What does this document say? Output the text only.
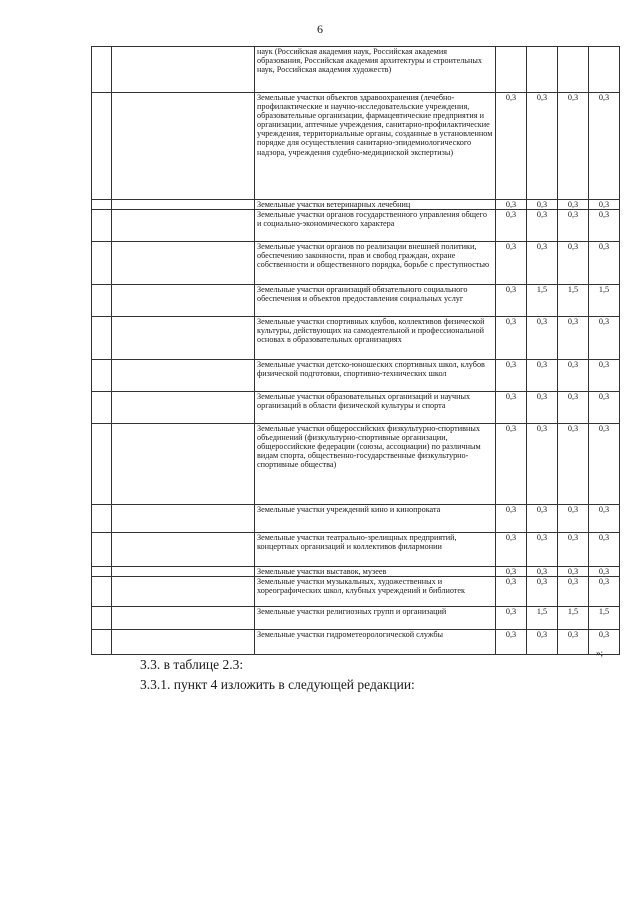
6
		наук (Российская академия наук, Российская академия образования, Российская академия архитектуры и строительных наук, Российская академия художеств)				
		Земельные участки объектов здравоохранения (лечебно-профилактические и научно-исследовательские учреждения, образовательные организации, фармацевтические предприятия и организации, аптечные учреждения, санитарно-профилактические учреждения, территориальные органы, созданные в установленном порядке для осуществления санитарно-эпидемиологического надзора, учреждения судебно-медицинской экспертизы)	0,3	0,3	0,3	0,3
		Земельные участки ветеринарных лечебниц	0,3	0,3	0,3	0,3
		Земельные участки органов государственного управления общего и социально-экономического характера	0,3	0,3	0,3	0,3
		Земельные участки органов по реализации внешней политики, обеспечению законности, прав и свобод граждан, охране собственности и общественного порядка, борьбе с преступностью	0,3	0,3	0,3	0,3
		Земельные участки организаций обязательного социального обеспечения и объектов предоставления социальных услуг	0,3	1,5	1,5	1,5
		Земельные участки спортивных клубов, коллективов физической культуры, действующих на самодеятельной и профессиональной основах в образовательных организациях	0,3	0,3	0,3	0,3
		Земельные участки детско-юношеских спортивных школ, клубов физической подготовки, спортивно-технических школ	0,3	0,3	0,3	0,3
		Земельные участки образовательных организаций и научных организаций в области физической культуры и спорта	0,3	0,3	0,3	0,3
		Земельные участки общероссийских физкультурно-спортивных объединений (физкультурно-спортивные организации, общероссийские федерации (союзы, ассоциации) по различным видам спорта, общественно-государственные физкультурно-спортивные общества)	0,3	0,3	0,3	0,3
		Земельные участки учреждений кино и кинопроката	0,3	0,3	0,3	0,3
		Земельные участки театрально-зрелищных предприятий, концертных организаций и коллективов филармонии	0,3	0,3	0,3	0,3
		Земельные участки выставок, музеев	0,3	0,3	0,3	0,3
		Земельные участки музыкальных, художественных и хореографических школ, клубных учреждений и библиотек	0,3	0,3	0,3	0,3
		Земельные участки религиозных групп и организаций	0,3	1,5	1,5	1,5
		Земельные участки гидрометеорологической службы	0,3	0,3	0,3	0,3
»;
3.3. в таблице 2.3:
3.3.1. пункт 4 изложить в следующей редакции:
